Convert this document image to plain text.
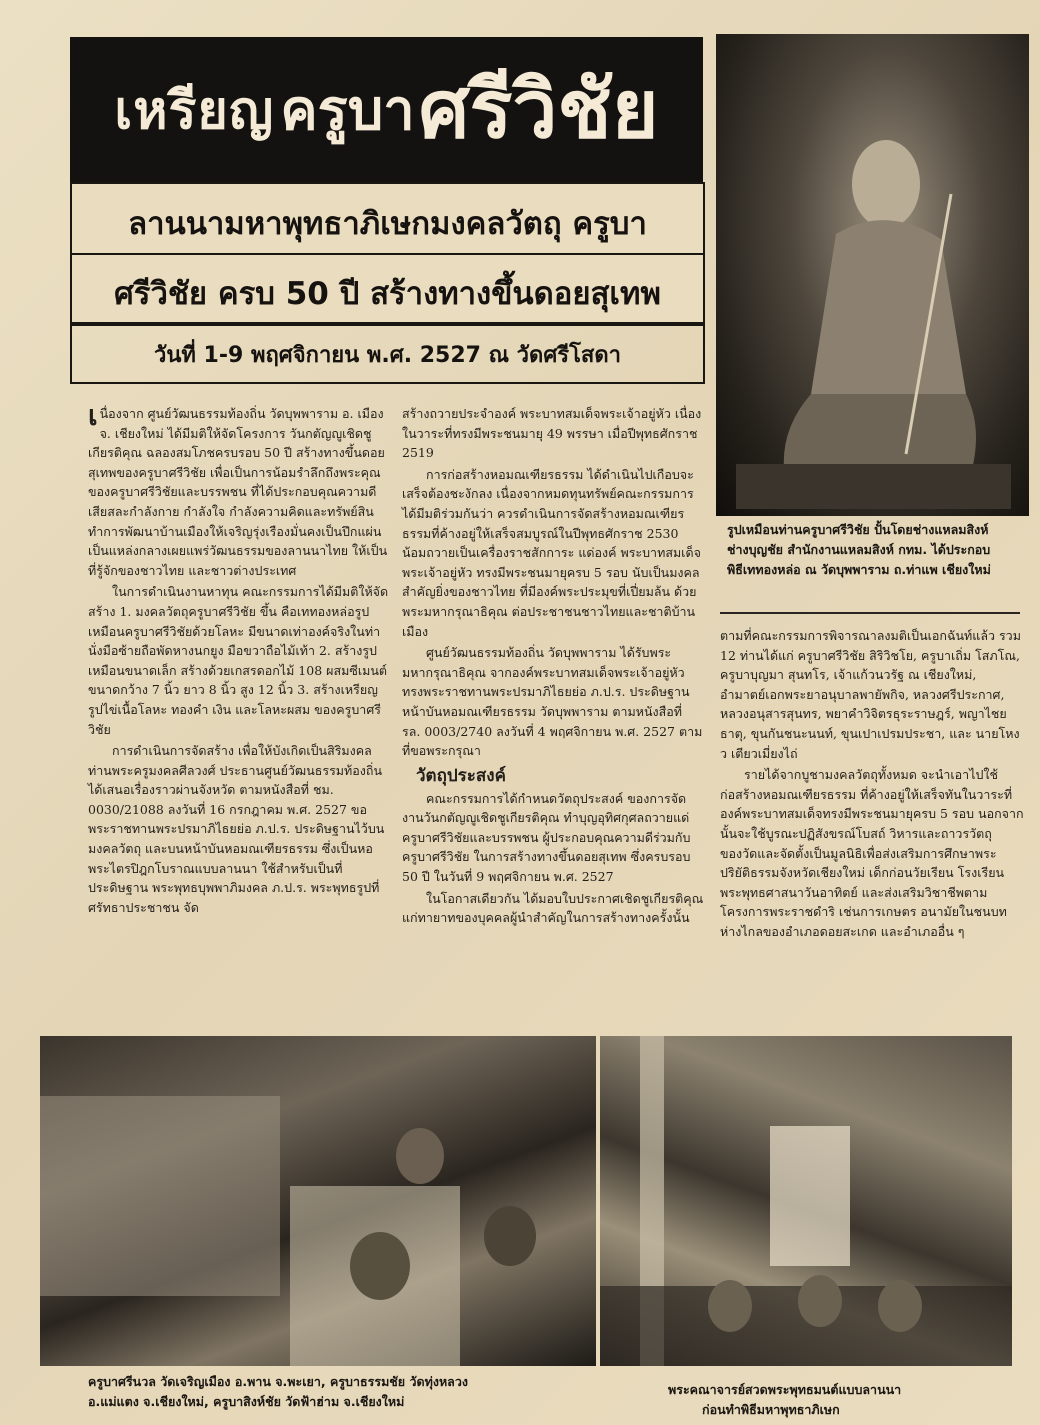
เหรียญ ครูบา ศรีวิชัย
ลานนามหาพุทธาภิเษกมงคลวัตถุ ครูบา
ศรีวิชัย ครบ 50 ปี สร้างทางขึ้นดอยสุเทพ
วันที่ 1-9 พฤศจิกายน พ.ศ. 2527 ณ วัดศรีโสดา
รูปเหมือนท่านครูบาศรีวิชัย ปั้นโดยช่างแหลมสิงห์
ช่างบุญชัย สำนักงานแหลมสิงห์ กทม. ได้ประกอบ
พิธีเททองหล่อ ณ วัดบุพพาราม ถ.ท่าแพ เชียงใหม่

เนื่องจาก ศูนย์วัฒนธรรมท้องถิ่น วัดบุพพาราม อ. เมือง จ. เชียงใหม่ ได้มีมติให้จัดโครงการ วันกตัญญูเชิดชูเกียรติคุณ ฉลองสมโภชครบรอบ 50 ปี สร้างทางขึ้นดอยสุเทพของครูบาศรีวิชัย เพื่อเป็นการน้อมรำลึกถึงพระคุณ ของครูบาศรีวิชัยและบรรพชน ที่ได้ประกอบคุณความดีเสียสละกำลังกาย กำลังใจ กำลังความคิดและทรัพย์สิน ทำการพัฒนาบ้านเมืองให้เจริญรุ่งเรืองมั่นคงเป็นปึกแผ่น เป็นแหล่งกลางเผยแพร่วัฒนธรรมของลานนาไทย ให้เป็นที่รู้จักของชาวไทย และชาวต่างประเทศ

ในการดำเนินงานหาทุน คณะกรรมการได้มีมติให้จัดสร้าง 1. มงคลวัตถุครูบาศรีวิชัย ขึ้น คือเททองหล่อรูปเหมือนครูบาศรีวิชัยด้วยโลหะ มีขนาดเท่าองค์จริงในท่านั่งมือซ้ายถือพัดหางนกยูง มือขวาถือไม้เท้า 2. สร้างรูปเหมือนขนาดเล็ก สร้างด้วยเกสรดอกไม้ 108 ผสมซีเมนต์ ขนาดกว้าง 7 นิ้ว ยาว 8 นิ้ว สูง 12 นิ้ว 3. สร้างเหรียญรูปไข่เนื้อโลหะ ทองคำ เงิน และโลหะผสม ของครูบาศรีวิชัย

การดำเนินการจัดสร้าง เพื่อให้บังเกิดเป็นสิริมงคล ท่านพระครูมงคลศีลวงศ์ ประธานศูนย์วัฒนธรรมท้องถิ่น ได้เสนอเรื่องราวผ่านจังหวัด ตามหนังสือที่ ชม. 0030/21088 ลงวันที่ 16 กรกฎาคม พ.ศ. 2527 ขอพระราชทานพระปรมาภิไธยย่อ ภ.ป.ร. ประดิษฐานไว้บนมงคลวัตถุ และบนหน้าบันหอมณเฑียรธรรม ซึ่งเป็นหอพระไตรปิฎกโบราณแบบลานนา ใช้สำหรับเป็นที่ประดิษฐาน พระพุทธบุพพาภิมงคล ภ.ป.ร. พระพุทธรูปที่ศรัทธาประชาชน จัด

สร้างถวายประจำองค์ พระบาทสมเด็จพระเจ้าอยู่หัว เนื่องในวาระที่ทรงมีพระชนมายุ 49 พรรษา เมื่อปีพุทธศักราช 2519

การก่อสร้างหอมณเฑียรธรรม ได้ดำเนินไปเกือบจะเสร็จต้องชะงักลง เนื่องจากหมดทุนทรัพย์คณะกรรมการได้มีมติร่วมกันว่า ควรดำเนินการจัดสร้างหอมณเฑียรธรรมที่ค้างอยู่ให้เสร็จสมบูรณ์ในปีพุทธศักราช 2530 น้อมถวายเป็นเครื่องราชสักการะ แด่องค์ พระบาทสมเด็จพระเจ้าอยู่หัว ทรงมีพระชนมายุครบ 5 รอบ นับเป็นมงคลสำคัญยิ่งของชาวไทย ที่มีองค์พระประมุขที่เปี่ยมล้น ด้วยพระมหากรุณาธิคุณ ต่อประชาชนชาวไทยและชาติบ้านเมือง

ศูนย์วัฒนธรรมท้องถิ่น วัดบุพพาราม ได้รับพระมหากรุณาธิคุณ จากองค์พระบาทสมเด็จพระเจ้าอยู่หัว ทรงพระราชทานพระปรมาภิไธยย่อ ภ.ป.ร. ประดิษฐานหน้าบันหอมณเฑียรธรรม วัดบุพพาราม ตามหนังสือที่ รล. 0003/2740 ลงวันที่ 4 พฤศจิกายน พ.ศ. 2527 ตามที่ขอพระกรุณา

วัตถุประสงค์

คณะกรรมการได้กำหนดวัตถุประสงค์ ของการจัดงานวันกตัญญูเชิดชูเกียรติคุณ ทำบุญอุทิศกุศลถวายแด่ครูบาศรีวิชัยและบรรพชน ผู้ประกอบคุณความดีร่วมกับครูบาศรีวิชัย ในการสร้างทางขึ้นดอยสุเทพ ซึ่งครบรอบ 50 ปี ในวันที่ 9 พฤศจิกายน พ.ศ. 2527

ในโอกาสเดียวกัน ได้มอบใบประกาศเชิดชูเกียรติคุณ แก่ทายาทของบุคคลผู้นำสำคัญในการสร้างทางครั้งนั้น

ตามที่คณะกรรมการพิจารณาลงมติเป็นเอกฉันท์แล้ว รวม 12 ท่านได้แก่ ครูบาศรีวิชัย สิริวิชโย, ครูบาเถิ่ม โสภโณ, ครูบาบุญมา สุนทโร, เจ้าแก้วนวรัฐ ณ เชียงใหม่, อำมาตย์เอกพระยาอนุบาลพายัพกิจ, หลวงศรีประกาศ, หลวงอนุสารสุนทร, พยาคำวิจิตรธุระราษฎร์, พญาไชยธาตุ, ขุนกันชนะนนท์, ขุนเปาเปรมประชา, และ นายโหงว เตียวเมี่ยงไถ่

รายได้จากบูชามงคลวัตถุทั้งหมด จะนำเอาไปใช้ก่อสร้างหอมณเฑียรธรรม ที่ค้างอยู่ให้เสร็จทันในวาระที่องค์พระบาทสมเด็จทรงมีพระชนมายุครบ 5 รอบ นอกจากนั้นจะใช้บูรณะปฏิสังขรณ์โบสถ์ วิหารและถาวรวัตถุของวัดและจัดตั้งเป็นมูลนิธิเพื่อส่งเสริมการศึกษาพระปริยัติธรรมจังหวัดเชียงใหม่ เด็กก่อนวัยเรียน โรงเรียนพระพุทธศาสนาวันอาทิตย์ และส่งเสริมวิชาชีพตามโครงการพระราชดำริ เช่นการเกษตร อนามัยในชนบทห่างไกลของอำเภอดอยสะเกด และอำเภออื่น ๆ

ครูบาศรีนวล วัดเจริญเมือง อ.พาน จ.พะเยา, ครูบาธรรมชัย วัดทุ่งหลวง
อ.แม่แตง จ.เชียงใหม่, ครูบาสิงห์ชัย วัดฟ้าฮ่าม จ.เชียงใหม่
พระคณาจารย์สวดพระพุทธมนต์แบบลานนา
ก่อนทำพิธีมหาพุทธาภิเษก
